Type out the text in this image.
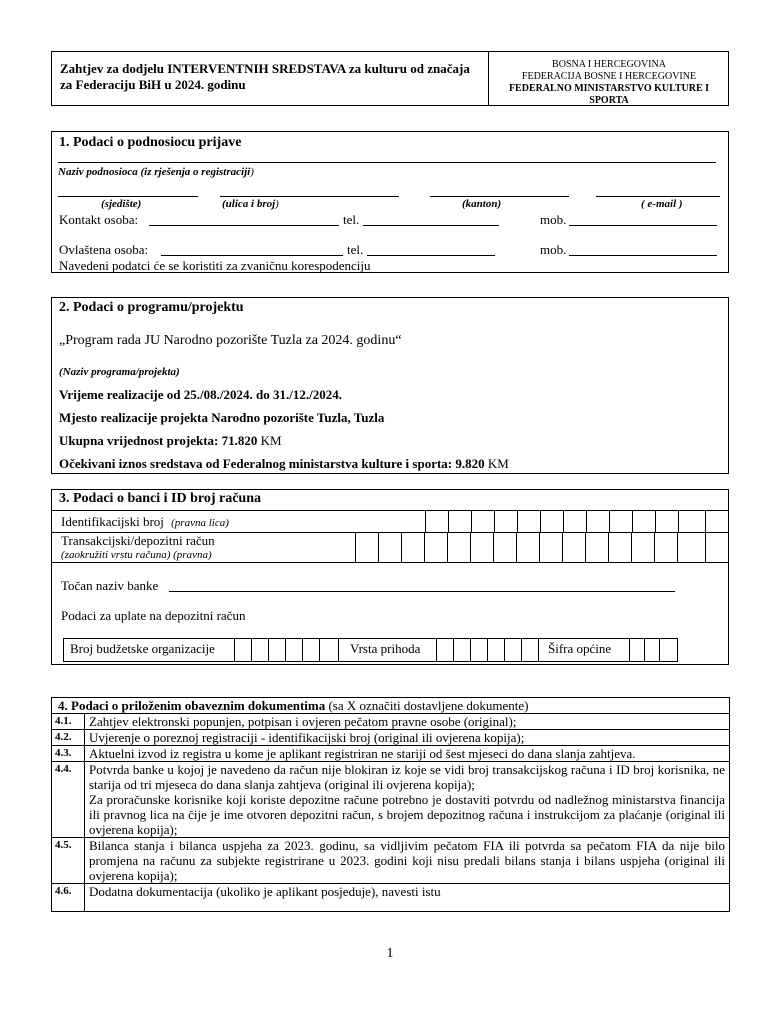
Zahtjev za dodjelu INTERVENTNIH SREDSTAVA za kulturu od značaja za Federaciju BiH u 2024. godinu
BOSNA I HERCEGOVINA
FEDERACIJA BOSNE I HERCEGOVINE
FEDERALNO MINISTARSTVO KULTURE I SPORTA
1. Podaci o podnosiocu prijave
Naziv podnosioca (iz rješenja o registraciji)
(sjedište)	(ulica i broj)	(kanton)	( e-mail )
Kontakt osoba:	tel.	mob.
Ovlaštena osoba:	tel.	mob.
Navedeni podatci će se koristiti za zvaničnu korespodenciju
2. Podaci o programu/projektu
„Program rada JU Narodno pozorište Tuzla za 2024. godinu“
(Naziv programa/projekta)
Vrijeme realizacije od 25./08./2024. do 31./12./2024.
Mjesto realizacije projekta Narodno pozorište Tuzla, Tuzla
Ukupna vrijednost projekta: 71.820 KM
Očekivani iznos sredstava od Federalnog ministarstva kulture i sporta: 9.820 KM
3. Podaci o banci i ID broj računa
Identifikacijski broj (pravna lica)
Transakcijski/depozitni račun
(zaokružiti vrstu računa) (pravna)
Točan naziv banke
Podaci za uplate na depozitni račun
Broj budžetske organizacije	Vrsta prihoda	Šifra općine
4. Podaci o priloženim obaveznim dokumentima (sa X označiti dostavljene dokumente)	
4.1.	Zahtjev elektronski popunjen, potpisan i ovjeren pečatom pravne osobe (original);
4.2.	Uvjerenje o poreznoj registraciji - identifikacijski broj (original ili ovjerena kopija);
4.3.	Aktuelni izvod iz registra u kome je aplikant registriran ne stariji od šest mjeseci do dana slanja zahtjeva.
4.4.	Potvrda banke u kojoj je navedeno da račun nije blokiran iz koje se vidi broj transakcijskog računa i ID broj korisnika, ne starija od tri mjeseca do dana slanja zahtjeva (original ili ovjerena kopija);
Za proračunske korisnike koji koriste depozitne račune potrebno je dostaviti potvrdu od nadležnog ministarstva financija ili pravnog lica na čije je ime otvoren depozitni račun, s brojem depozitnog računa i instrukcijom za plaćanje (original ili ovjerena kopija);

4.5.	Bilanca stanja i bilanca uspjeha za 2023. godinu, sa vidljivim pečatom FIA ili potvrda sa pečatom FIA da nije bilo promjena na računu za subjekte registrirane u 2023. godini koji nisu predali bilans stanja i bilans uspjeha (original ili ovjerena kopija);
4.6.	Dodatna dokumentacija (ukoliko je aplikant posjeduje), navesti istu
1
